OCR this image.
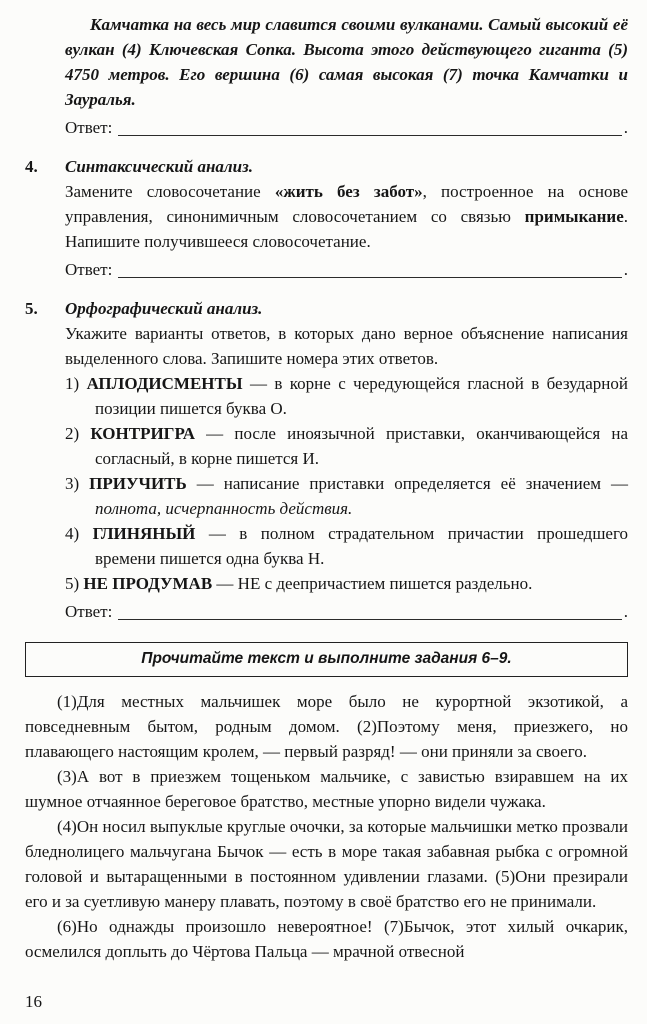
Камчатка на весь мир славится своими вулканами. Самый высокий её вулкан (4) Ключевская Сопка. Высота этого действующего гиганта (5) 4750 метров. Его вершина (6) самая высокая (7) точка Камчатки и Зауралья.

Ответ:	.
4.	Синтаксический анализ.

Замените словосочетание «жить без забот», построенное на основе управления, синонимичным словосочетанием со связью примыкание. Напишите получившееся словосочетание.

Ответ:	.
5.	Орфографический анализ.

Укажите варианты ответов, в которых дано верное объяснение написания выделенного слова. Запишите номера этих ответов.

1) АПЛОДИСМЕНТЫ — в корне с чередующейся гласной в безударной позиции пишется буква О.

2) КОНТРИГРА — после иноязычной приставки, оканчивающейся на согласный, в корне пишется И.

3) ПРИУЧИТЬ — написание приставки определяется её значением — полнота, исчерпанность действия.

4) ГЛИНЯНЫЙ — в полном страдательном причастии прошедшего времени пишется одна буква Н.

5) НЕ ПРОДУМАВ — НЕ с деепричастием пишется раздельно.

Ответ:	.
Прочитайте текст и выполните задания 6–9.

(1)Для местных мальчишек море было не курортной экзотикой, а повседневным бытом, родным домом. (2)Поэтому меня, приезжего, но плавающего настоящим кролем, — первый разряд! — они приняли за своего.

(3)А вот в приезжем тощеньком мальчике, с завистью взиравшем на их шумное отчаянное береговое братство, местные упорно видели чужака.

(4)Он носил выпуклые круглые очочки, за которые мальчишки метко прозвали бледнолицего мальчугана Бычок — есть в море такая забавная рыбка с огромной головой и вытаращенными в постоянном удивлении глазами. (5)Они презирали его и за суетливую манеру плавать, поэтому в своё братство его не принимали.

(6)Но однажды произошло невероятное! (7)Бычок, этот хилый очкарик, осмелился доплыть до Чёртова Пальца — мрачной отвесной

16
